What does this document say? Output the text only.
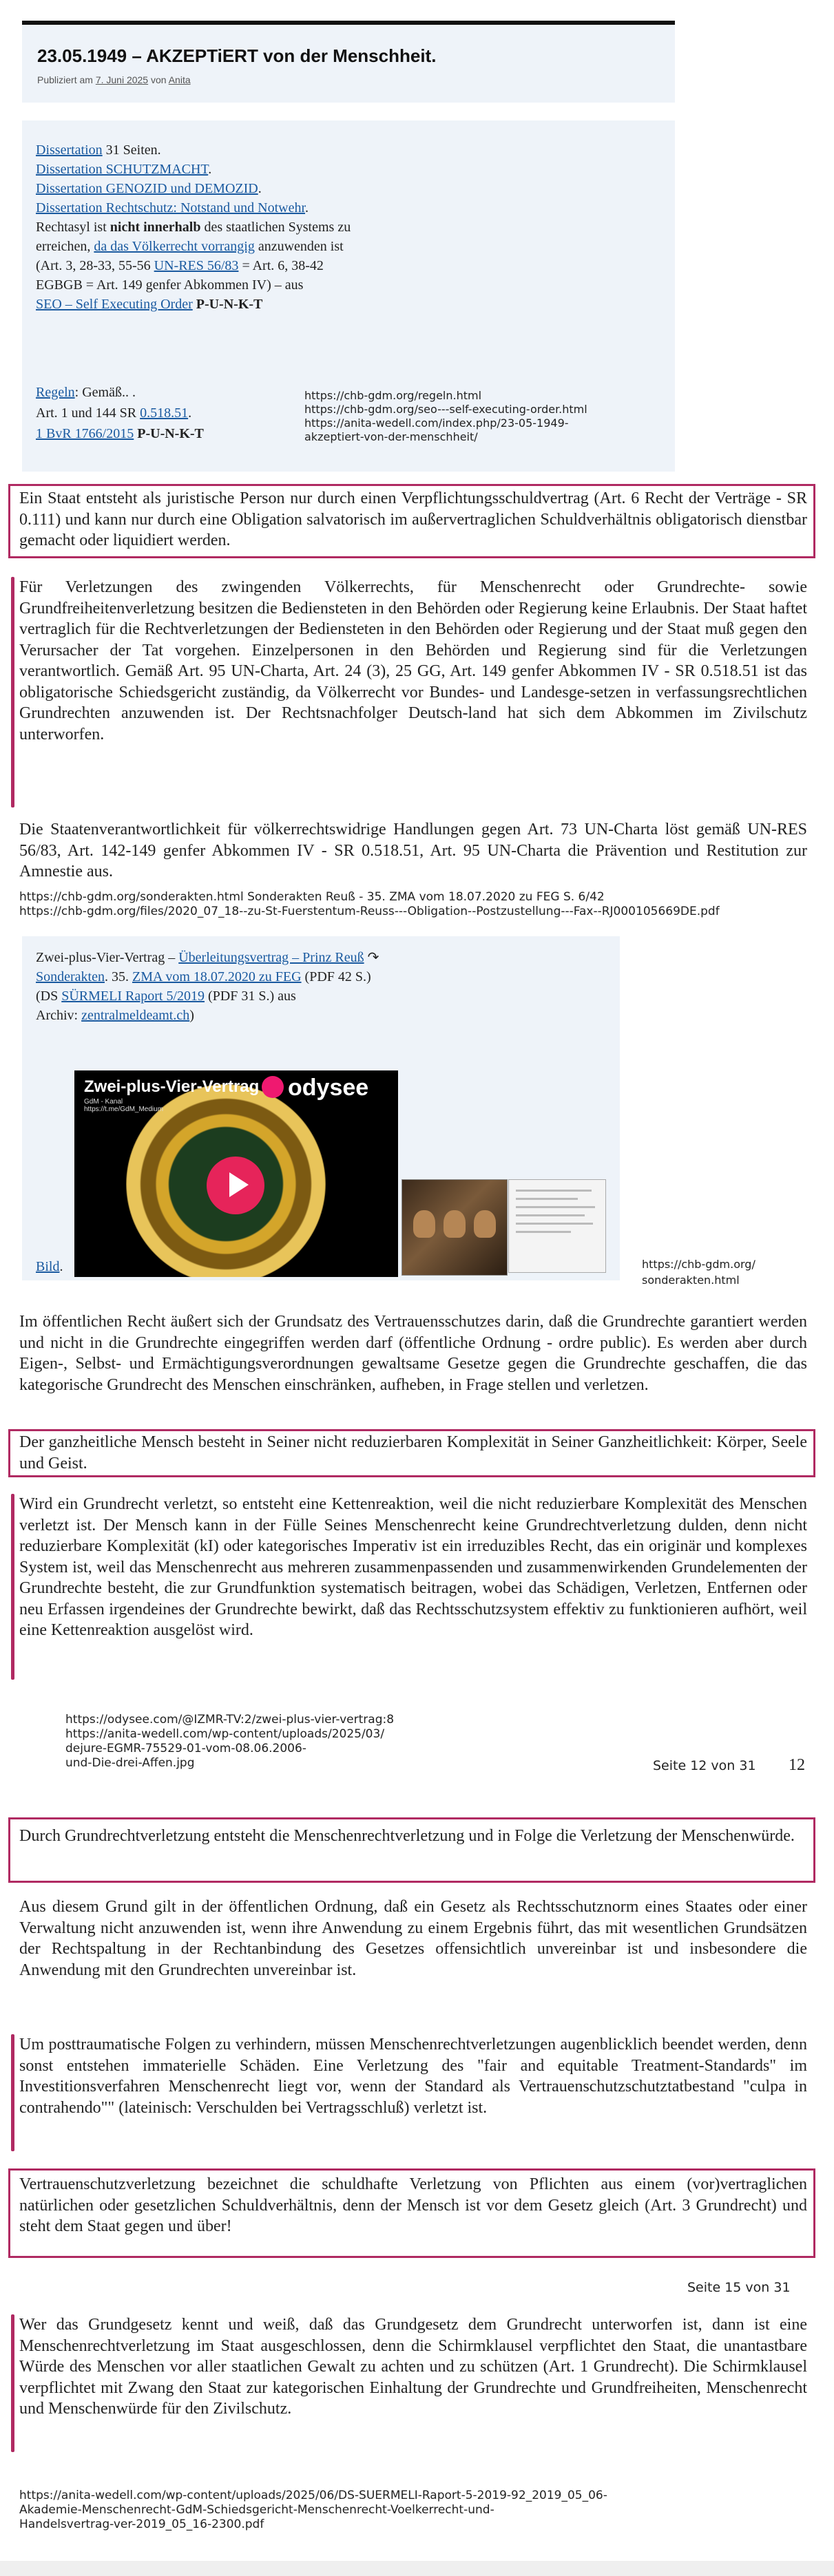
23.05.1949 – AKZEPTiERT von der Menschheit.
Publiziert am 7. Juni 2025 von Anita
Dissertation 31 Seiten.
Dissertation SCHUTZMACHT.
Dissertation GENOZID und DEMOZID.
Dissertation Rechtschutz: Notstand und Notwehr.
Rechtasyl ist nicht innerhalb des staatlichen Systems zu
erreichen, da das Völkerrecht vorrangig anzuwenden ist
(Art. 3, 28-33, 55-56 UN-RES 56/83 = Art. 6, 38-42
EGBGB = Art. 149 genfer Abkommen IV) – aus
SEO – Self Executing Order P-U-N-K-T
Regeln: Gemäß.. .
Art. 1 und 144 SR 0.518.51.
1 BvR 1766/2015 P-U-N-K-T
https://chb-gdm.org/regeln.html
https://chb-gdm.org/seo---self-executing-order.html
https://anita-wedell.com/index.php/23-05-1949-
akzeptiert-von-der-menschheit/
Ein Staat entsteht als juristische Person nur durch einen Verpflichtungsschuldvertrag (Art. 6 Recht der Verträge - SR 0.111) und kann nur durch eine Obligation salvatorisch im außervertraglichen Schuldverhältnis obligatorisch dienstbar gemacht oder liquidiert werden.
Für Verletzungen des zwingenden Völkerrechts, für Menschenrecht oder Grundrechte- sowie Grundfreiheitenverletzung besitzen die Bediensteten in den Behörden oder Regierung keine Erlaubnis. Der Staat haftet vertraglich für die Rechtverletzungen der Bediensteten in den Behörden oder Regierung und der Staat muß gegen den Verursacher der Tat vorgehen. Einzelpersonen in den Behörden und Regierung sind für die Verletzungen verantwortlich. Gemäß Art. 95 UN-Charta, Art. 24 (3), 25 GG, Art. 149 genfer Abkommen IV - SR 0.518.51 ist das obligatorische Schiedsgericht zuständig, da Völkerrecht vor Bundes- und Landesge-setzen in verfassungsrechtlichen Grundrechten anzuwenden ist. Der Rechtsnachfolger Deutsch-land hat sich dem Abkommen im Zivilschutz unterworfen.
Die Staatenverantwortlichkeit für völkerrechtswidrige Handlungen gegen Art. 73 UN-Charta löst gemäß UN-RES 56/83, Art. 142-149 genfer Abkommen IV - SR 0.518.51, Art. 95 UN-Charta die Prävention und Restitution zur Amnestie aus.
https://chb-gdm.org/sonderakten.html Sonderakten Reuß - 35. ZMA vom 18.07.2020 zu FEG S. 6/42
https://chb-gdm.org/files/2020_07_18--zu-St-Fuerstentum-Reuss---Obligation--Postzustellung---Fax--RJ000105669DE.pdf
Zwei-plus-Vier-Vertrag – Überleitungsvertrag – Prinz Reuß ↷
Sonderakten. 35. ZMA vom 18.07.2020 zu FEG (PDF 42 S.)
(DS SÜRMELI Raport 5/2019 (PDF 31 S.) aus
Archiv: zentralmeldeamt.ch)
Zwei-plus-Vier-Vertrag
GdM - Kanal
https://t.me/GdM_Medium
odysee
Bild.	https://chb-gdm.org/
sonderakten.html
Im öffentlichen Recht äußert sich der Grundsatz des Vertrauensschutzes darin, daß die Grundrechte garantiert werden und nicht in die Grundrechte eingegriffen werden darf (öffentliche Ordnung - ordre public). Es werden aber durch Eigen-, Selbst- und Ermächtigungsverordnungen gewaltsame Gesetze gegen die Grundrechte geschaffen, die das kategorische Grundrecht des Menschen einschränken, aufheben, in Frage stellen und verletzen.
Der ganzheitliche Mensch besteht in Seiner nicht reduzierbaren Komplexität in Seiner Ganzheitlichkeit: Körper, Seele und Geist.
Wird ein Grundrecht verletzt, so entsteht eine Kettenreaktion, weil die nicht reduzierbare Komplexität des Menschen verletzt ist. Der Mensch kann in der Fülle Seines Menschenrecht keine Grundrechtverletzung dulden, denn nicht reduzierbare Komplexität (kI) oder kategorisches Imperativ ist ein irreduzibles Recht, das ein originär und komplexes System ist, weil das Menschenrecht aus mehreren zusammenpassenden und zusammenwirkenden Grundelementen der Grundrechte besteht, die zur Grundfunktion systematisch beitragen, wobei das Schädigen, Verletzen, Entfernen oder neu Erfassen irgendeines der Grundrechte bewirkt, daß das Rechtsschutzsystem effektiv zu funktionieren aufhört, weil eine Kettenreaktion ausgelöst wird.
https://odysee.com/@IZMR-TV:2/zwei-plus-vier-vertrag:8
https://anita-wedell.com/wp-content/uploads/2025/03/
dejure-EGMR-75529-01-vom-08.06.2006-
und-Die-drei-Affen.jpg	Seite 12 von 31 12
Durch Grundrechtverletzung entsteht die Menschenrechtverletzung und in Folge die Verletzung der Menschenwürde.
Aus diesem Grund gilt in der öffentlichen Ordnung, daß ein Gesetz als Rechtsschutznorm eines Staates oder einer Verwaltung nicht anzuwenden ist, wenn ihre Anwendung zu einem Ergebnis führt, das mit wesentlichen Grundsätzen der Rechtspaltung in der Rechtanbindung des Gesetzes offensichtlich unvereinbar ist und insbesondere die Anwendung mit den Grundrechten unvereinbar ist.
Um posttraumatische Folgen zu verhindern, müssen Menschenrechtverletzungen augenblicklich beendet werden, denn sonst entstehen immaterielle Schäden. Eine Verletzung des "fair and equitable Treatment-Standards" im Investitionsverfahren Menschenrecht liegt vor, wenn der Standard als Vertrauenschutzschutztatbestand "culpa in contrahendo"" (lateinisch: Verschulden bei Vertragsschluß) verletzt ist.
Vertrauenschutzverletzung bezeichnet die schuldhafte Verletzung von Pflichten aus einem (vor)vertraglichen natürlichen oder gesetzlichen Schuldverhältnis, denn der Mensch ist vor dem Gesetz gleich (Art. 3 Grundrecht) und steht dem Staat gegen und über!
Seite 15 von 31
Wer das Grundgesetz kennt und weiß, daß das Grundgesetz dem Grundrecht unterworfen ist, dann ist eine Menschenrechtverletzung im Staat ausgeschlossen, denn die Schirmklausel verpflichtet den Staat, die unantastbare Würde des Menschen vor aller staatlichen Gewalt zu achten und zu schützen (Art. 1 Grundrecht). Die Schirmklausel verpflichtet mit Zwang den Staat zur kategorischen Einhaltung der Grundrechte und Grundfreiheiten, Menschenrecht und Menschenwürde für den Zivilschutz.
https://anita-wedell.com/wp-content/uploads/2025/06/DS-SUERMELI-Raport-5-2019-92_2019_05_06-
Akademie-Menschenrecht-GdM-Schiedsgericht-Menschenrecht-Voelkerrecht-und-
Handelsvertrag-ver-2019_05_16-2300.pdf
